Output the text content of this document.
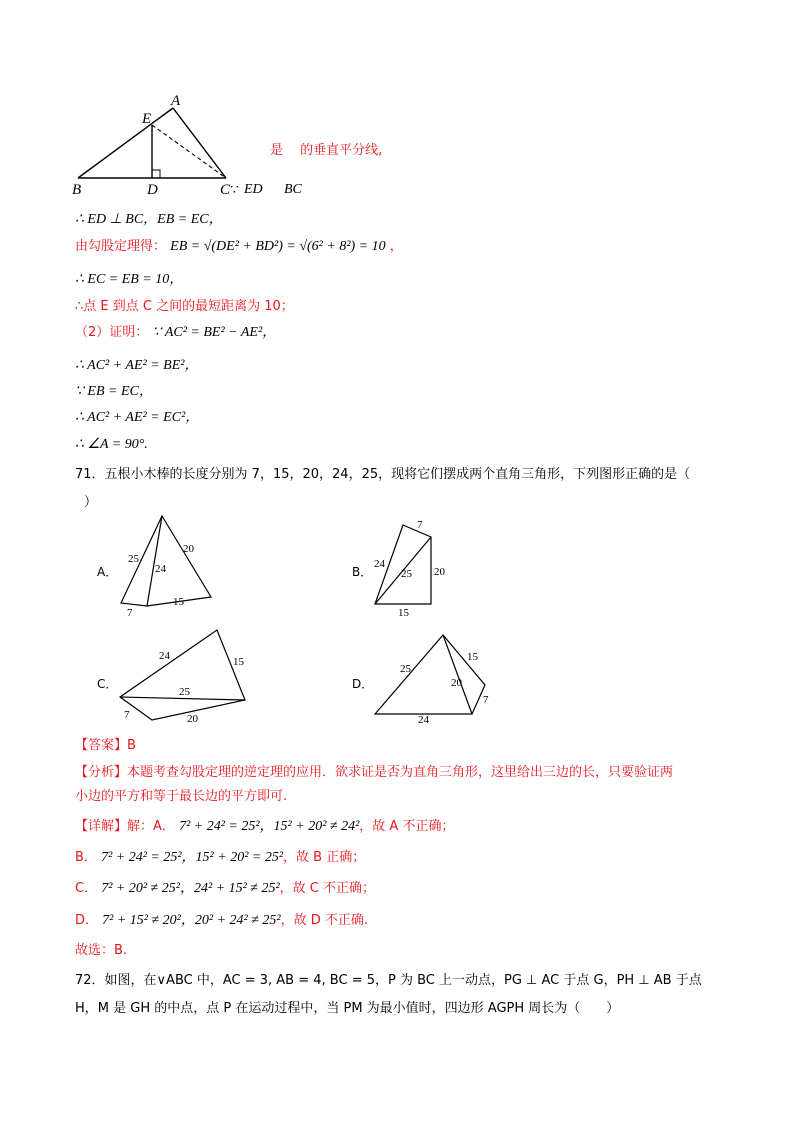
A
E
B	D	C
是　 的垂直平分线,
∵ ED BC
∴ ED ⊥ BC，EB = EC，
由勾股定理得： EB = √(DE² + BD²) = √(6² + 8²) = 10 ，
∴ EC = EB = 10，
∴点 E 到点 C 之间的最短距离为 10；
（2）证明： ∵ AC² = BE² − AE²，
∴ AC² + AE² = BE²，
∵ EB = EC，
∴ AC² + AE² = EC²，
∴ ∠A = 90°.
71．五根小木棒的长度分别为 7，15，20，24，25，现将它们摆成两个直角三角形，下列图形正确的是（
）
A．
25
20
24
15
7
B．
7
24
25 20
15
C．
24	15
25
7	20
D．
25
15
20
7
24
【答案】B
【分析】本题考查勾股定理的逆定理的应用．欲求证是否为直角三角形，这里给出三边的长，只要验证两
小边的平方和等于最长边的平方即可.
【详解】解：A． 7² + 24² = 25²，15² + 20² ≠ 24²，故 A 不正确；
B． 7² + 24² = 25²，15² + 20² = 25²，故 B 正确；
C． 7² + 20² ≠ 25²，24² + 15² ≠ 25²，故 C 不正确；
D． 7² + 15² ≠ 20²，20² + 24² ≠ 25²，故 D 不正确.
故选：B.
72．如图，在∨ABC 中，AC = 3, AB = 4, BC = 5，P 为 BC 上一动点，PG ⊥ AC 于点 G，PH ⊥ AB 于点
H，M 是 GH 的中点，点 P 在运动过程中，当 PM 为最小值时，四边形 AGPH 周长为（　　）
